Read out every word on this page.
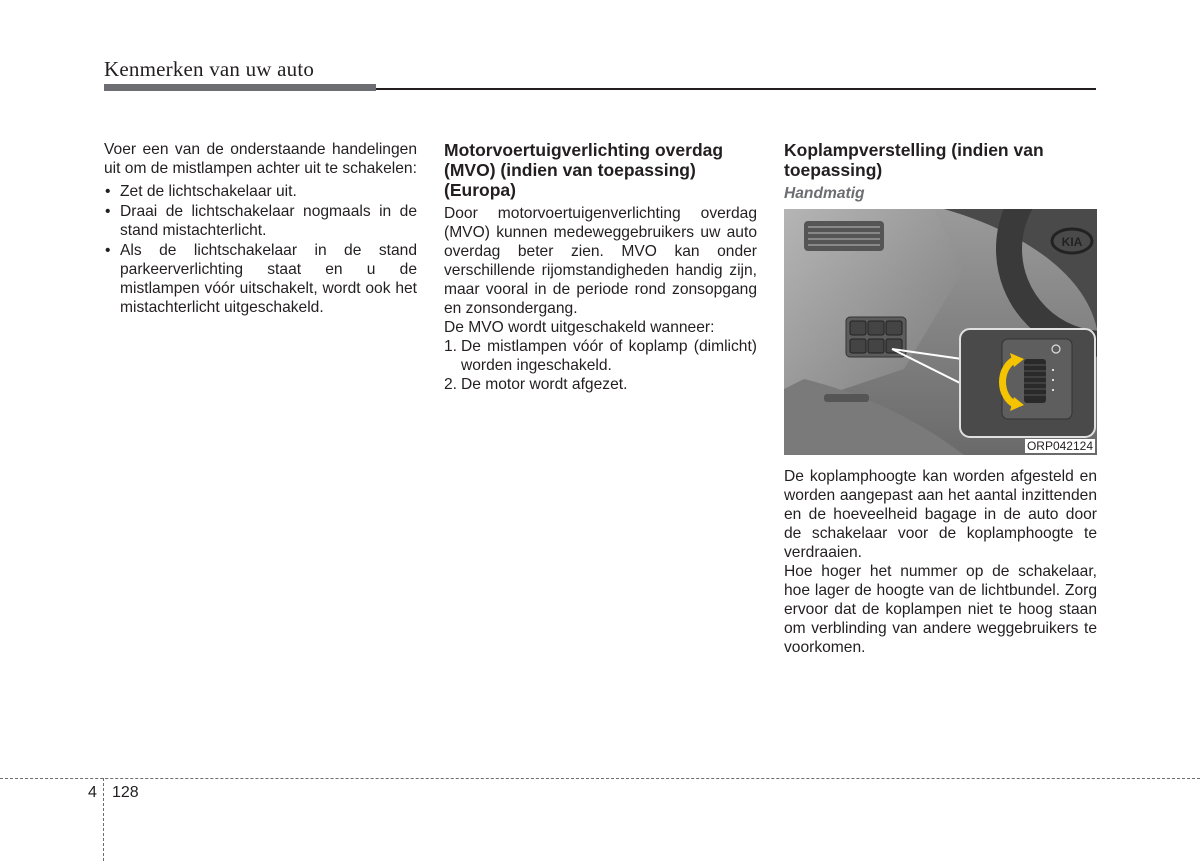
Kenmerken van uw auto

Voer een van de onderstaande handelingen uit om de mistlampen achter uit te schakelen:

• Zet de lichtschakelaar uit.
• Draai de lichtschakelaar nogmaals in de stand mistachterlicht.
• Als de lichtschakelaar in de stand parkeerverlichting staat en u de mistlampen vóór uitschakelt, wordt ook het mistachterlicht uitgeschakeld.
Motorvoertuigverlichting overdag (MVO) (indien van toepassing) (Europa)

Door motorvoertuigenverlichting overdag (MVO) kunnen medeweggebruikers uw auto overdag beter zien. MVO kan onder verschillende rijomstandigheden handig zijn, maar vooral in de periode rond zonsopgang en zonsondergang.

De MVO wordt uitgeschakeld wanneer:

1. De mistlampen vóór of koplamp (dimlicht) worden ingeschakeld.
2. De motor wordt afgezet.
Koplampverstelling (indien van toepassing)
Handmatig
KIA
ORP042124

De koplamphoogte kan worden afgesteld en worden aangepast aan het aantal inzittenden en de hoeveelheid bagage in de auto door de schakelaar voor de koplamphoogte te verdraaien.

Hoe hoger het nummer op de schakelaar, hoe lager de hoogte van de lichtbundel. Zorg ervoor dat de koplampen niet te hoog staan om verblinding van andere weggebruikers te voorkomen.

4 128
